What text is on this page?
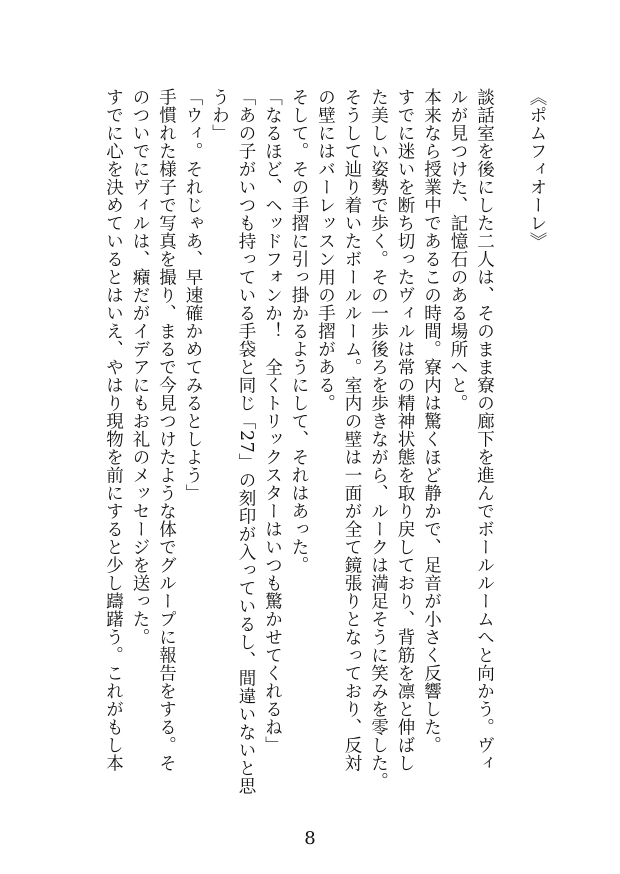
《ポムフィオーレ》
談話室を後にした二人は、そのまま寮の廊下を進んでボールルームへと向かう。ヴィ
ルが見つけた、記憶石のある場所へと。
本来なら授業中であるこの時間。寮内は驚くほど静かで、足音が小さく反響した。
すでに迷いを断ち切ったヴィルは常の精神状態を取り戻しており、背筋を凛と伸ばし
た美しい姿勢で歩く。その一歩後ろを歩きながら、ルークは満足そうに笑みを零した。
そうして辿り着いたボールルーム。室内の壁は一面が全て鏡張りとなっており、反対
の壁にはバーレッスン用の手摺がある。
そして。その手摺に引っ掛かるようにして、それはあった。
「なるほど、ヘッドフォンか！　全くトリックスターはいつも驚かせてくれるね」
「あの子がいつも持っている手袋と同じ「27」の刻印が入っているし、間違いないと思
うわ」
「ウィ。それじゃあ、早速確かめてみるとしよう」
手慣れた様子で写真を撮り、まるで今見つけたような体でグループに報告をする。そ
のついでにヴィルは、癪だがイデアにもお礼のメッセージを送った。
すでに心を決めているとはいえ、やはり現物を前にすると少し躊躇う。これがもし本
8
